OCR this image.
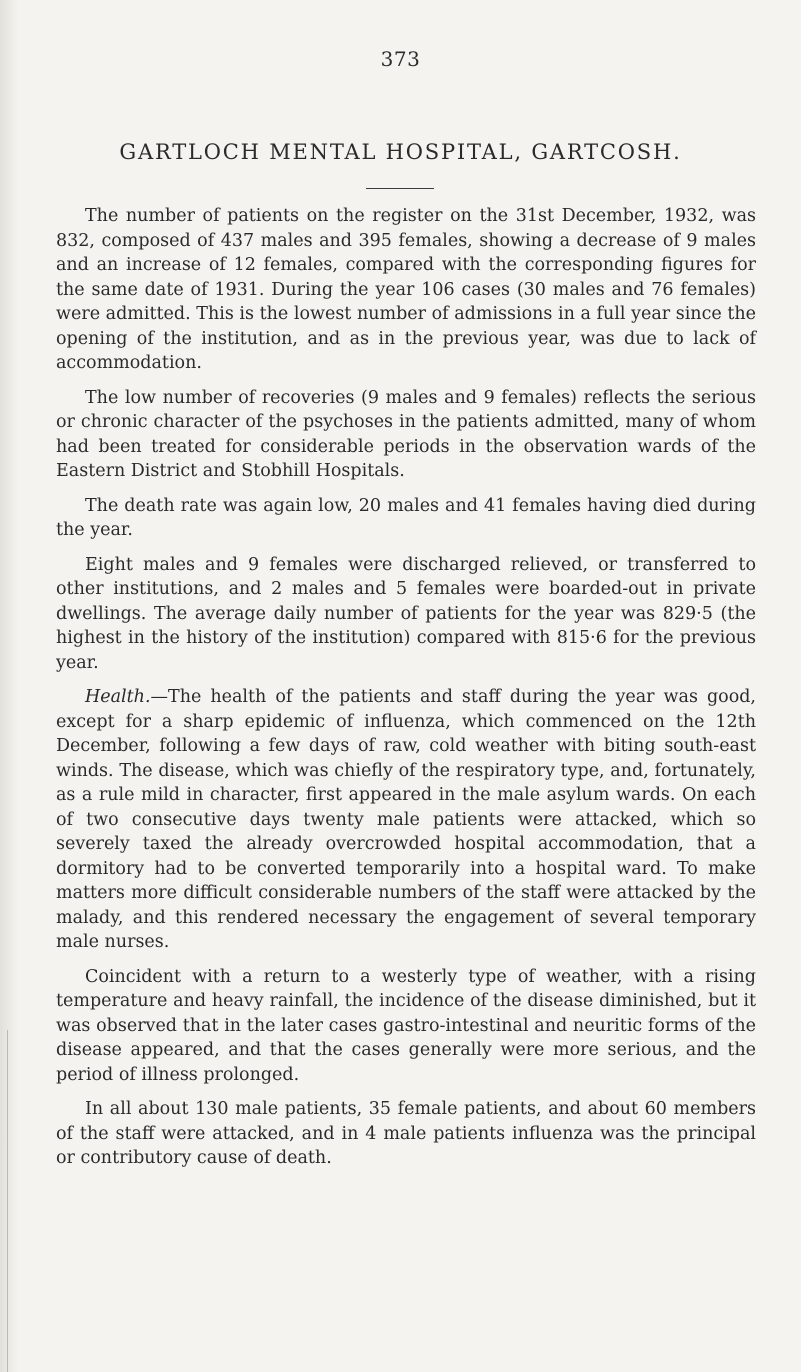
373
GARTLOCH MENTAL HOSPITAL, GARTCOSH.

The number of patients on the register on the 31st December, 1932, was 832, composed of 437 males and 395 females, showing a decrease of 9 males and an increase of 12 females, compared with the corresponding figures for the same date of 1931. During the year 106 cases (30 males and 76 females) were admitted. This is the lowest number of admissions in a full year since the opening of the institution, and as in the previous year, was due to lack of accommodation.

The low number of recoveries (9 males and 9 females) reflects the serious or chronic character of the psychoses in the patients admitted, many of whom had been treated for considerable periods in the observation wards of the Eastern District and Stobhill Hospitals.

The death rate was again low, 20 males and 41 females having died during the year.

Eight males and 9 females were discharged relieved, or transferred to other institutions, and 2 males and 5 females were boarded-out in private dwellings. The average daily number of patients for the year was 829·5 (the highest in the history of the institution) compared with 815·6 for the previous year.

Health.—The health of the patients and staff during the year was good, except for a sharp epidemic of influenza, which commenced on the 12th December, following a few days of raw, cold weather with biting south-east winds. The disease, which was chiefly of the respiratory type, and, fortunately, as a rule mild in character, first appeared in the male asylum wards. On each of two consecutive days twenty male patients were attacked, which so severely taxed the already overcrowded hospital accommodation, that a dormitory had to be converted temporarily into a hospital ward. To make matters more difficult considerable numbers of the staff were attacked by the malady, and this rendered necessary the engagement of several temporary male nurses.

Coincident with a return to a westerly type of weather, with a rising temperature and heavy rainfall, the incidence of the disease diminished, but it was observed that in the later cases gastro-intestinal and neuritic forms of the disease appeared, and that the cases generally were more serious, and the period of illness prolonged.

In all about 130 male patients, 35 female patients, and about 60 members of the staff were attacked, and in 4 male patients influenza was the principal or contributory cause of death.
